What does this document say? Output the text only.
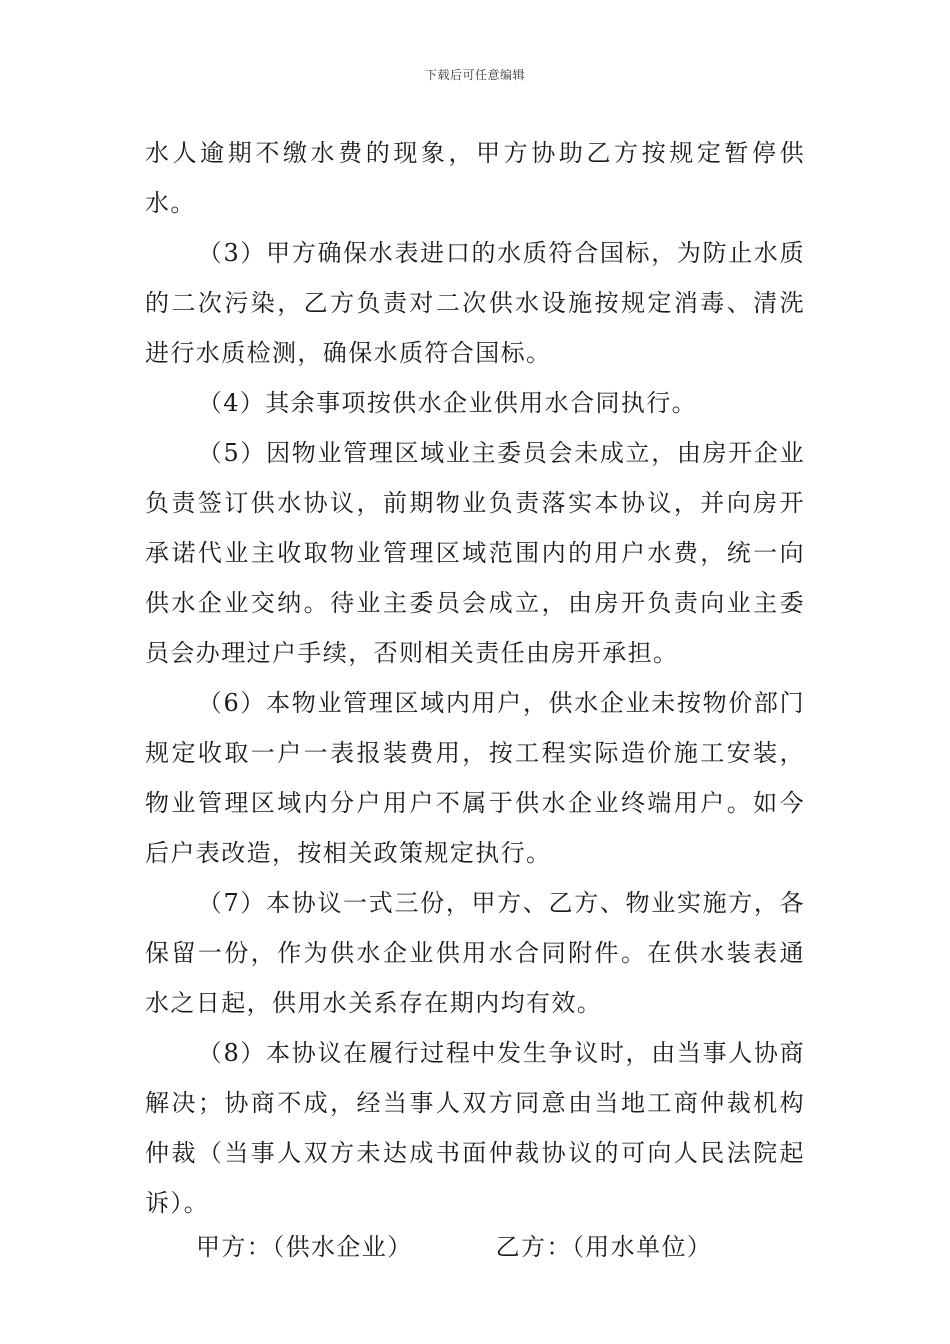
下载后可任意编辑

水人逾期不缴水费的现象，甲方协助乙方按规定暂停供水。

（3）甲方确保水表进口的水质符合国标，为防止水质的二次污染，乙方负责对二次供水设施按规定消毒、清洗进行水质检测，确保水质符合国标。

（4）其余事项按供水企业供用水合同执行。

（5）因物业管理区域业主委员会未成立，由房开企业负责签订供水协议，前期物业负责落实本协议，并向房开承诺代业主收取物业管理区域范围内的用户水费，统一向供水企业交纳。待业主委员会成立，由房开负责向业主委员会办理过户手续，否则相关责任由房开承担。

（6）本物业管理区域内用户，供水企业未按物价部门规定收取一户一表报装费用，按工程实际造价施工安装，物业管理区域内分户用户不属于供水企业终端用户。如今后户表改造，按相关政策规定执行。

（7）本协议一式三份，甲方、乙方、物业实施方，各保留一份，作为供水企业供用水合同附件。在供水装表通水之日起，供用水关系存在期内均有效。

（8）本协议在履行过程中发生争议时，由当事人协商解决；协商不成，经当事人双方同意由当地工商仲裁机构仲裁（当事人双方未达成书面仲裁协议的可向人民法院起诉）。

甲方：（供水企业）	乙方：（用水单位）
